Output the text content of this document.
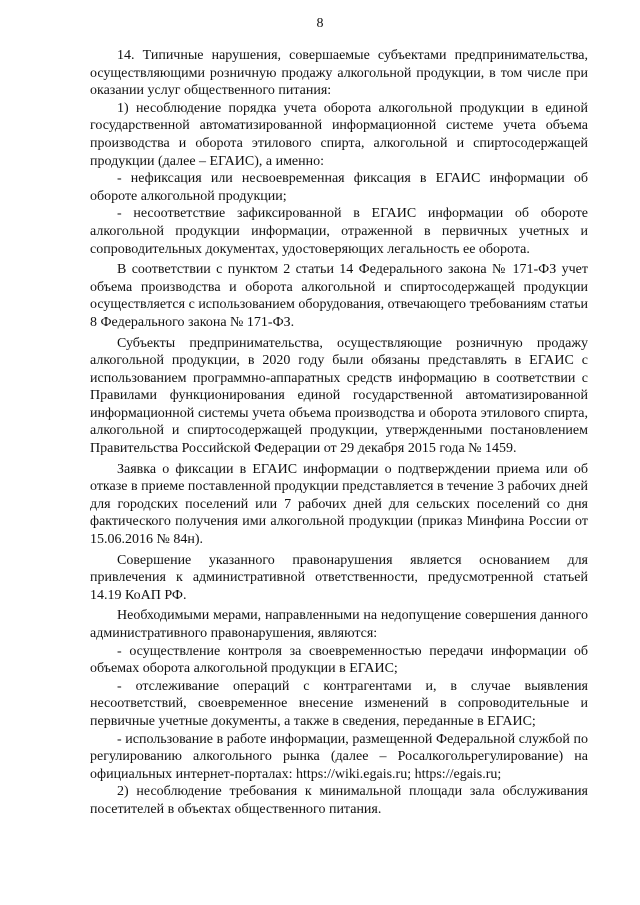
8

14. Типичные нарушения, совершаемые субъектами предпринимательства, осуществляющими розничную продажу алкогольной продукции, в том числе при оказании услуг общественного питания:

1) несоблюдение порядка учета оборота алкогольной продукции в единой государственной автоматизированной информационной системе учета объема производства и оборота этилового спирта, алкогольной и спиртосодержащей продукции (далее – ЕГАИС), а именно:

- нефиксация или несвоевременная фиксация в ЕГАИС информации об обороте алкогольной продукции;

- несоответствие зафиксированной в ЕГАИС информации об обороте алкогольной продукции информации, отраженной в первичных учетных и сопроводительных документах, удостоверяющих легальность ее оборота.

В соответствии с пунктом 2 статьи 14 Федерального закона № 171-ФЗ учет объема производства и оборота алкогольной и спиртосодержащей продукции осуществляется с использованием оборудования, отвечающего требованиям статьи 8 Федерального закона № 171-ФЗ.

Субъекты предпринимательства, осуществляющие розничную продажу алкогольной продукции, в 2020 году были обязаны представлять в ЕГАИС с использованием программно-аппаратных средств информацию в соответствии с Правилами функционирования единой государственной автоматизированной информационной системы учета объема производства и оборота этилового спирта, алкогольной и спиртосодержащей продукции, утвержденными постановлением Правительства Российской Федерации от 29 декабря 2015 года № 1459.

Заявка о фиксации в ЕГАИС информации о подтверждении приема или об отказе в приеме поставленной продукции представляется в течение 3 рабочих дней для городских поселений или 7 рабочих дней для сельских поселений со дня фактического получения ими алкогольной продукции (приказ Минфина России от 15.06.2016 № 84н).

Совершение указанного правонарушения является основанием для привлечения к административной ответственности, предусмотренной статьей 14.19 КоАП РФ.

Необходимыми мерами, направленными на недопущение совершения данного административного правонарушения, являются:

- осуществление контроля за своевременностью передачи информации об объемах оборота алкогольной продукции в ЕГАИС;

- отслеживание операций с контрагентами и, в случае выявления несоответствий, своевременное внесение изменений в сопроводительные и первичные учетные документы, а также в сведения, переданные в ЕГАИС;

- использование в работе информации, размещенной Федеральной службой по регулированию алкогольного рынка (далее – Росалкогольрегулирование) на официальных интернет-порталах: https://wiki.egais.ru; https://egais.ru;

2) несоблюдение требования к минимальной площади зала обслуживания посетителей в объектах общественного питания.
